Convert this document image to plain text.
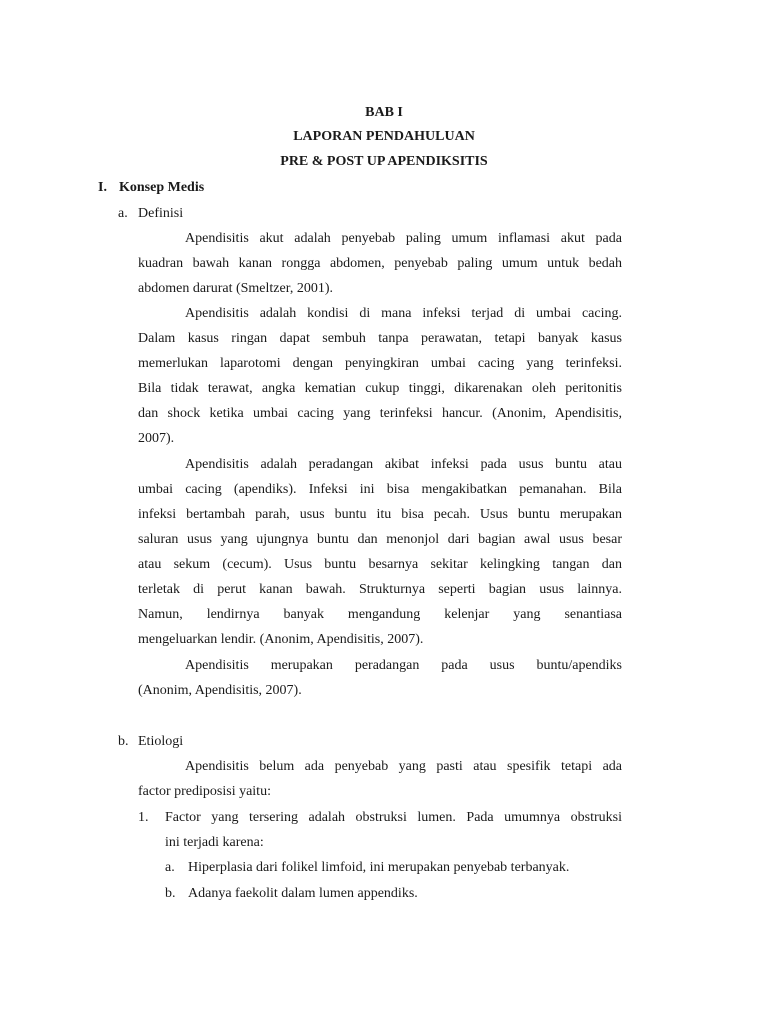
BAB I
LAPORAN PENDAHULUAN
PRE & POST UP APENDIKSITIS
I. Konsep Medis
a. Definisi
Apendisitis akut adalah penyebab paling umum inflamasi akut pada
kuadran bawah kanan rongga abdomen, penyebab paling umum untuk bedah
abdomen darurat (Smeltzer, 2001).
Apendisitis adalah kondisi di mana infeksi terjad di umbai cacing.
Dalam kasus ringan dapat sembuh tanpa perawatan, tetapi banyak kasus
memerlukan laparotomi dengan penyingkiran umbai cacing yang terinfeksi.
Bila tidak terawat, angka kematian cukup tinggi, dikarenakan oleh peritonitis
dan shock ketika umbai cacing yang terinfeksi hancur. (Anonim, Apendisitis,
2007).
Apendisitis adalah peradangan akibat infeksi pada usus buntu atau
umbai cacing (apendiks). Infeksi ini bisa mengakibatkan pemanahan. Bila
infeksi bertambah parah, usus buntu itu bisa pecah. Usus buntu merupakan
saluran usus yang ujungnya buntu dan menonjol dari bagian awal usus besar
atau sekum (cecum). Usus buntu besarnya sekitar kelingking tangan dan
terletak di perut kanan bawah. Strukturnya seperti bagian usus lainnya.
Namun, lendirnya banyak mengandung kelenjar yang senantiasa
mengeluarkan lendir. (Anonim, Apendisitis, 2007).
Apendisitis merupakan peradangan pada usus buntu/apendiks
(Anonim, Apendisitis, 2007).
b. Etiologi
Apendisitis belum ada penyebab yang pasti atau spesifik tetapi ada
factor prediposisi yaitu:
1. Factor yang tersering adalah obstruksi lumen. Pada umumnya obstruksi
ini terjadi karena:
a. Hiperplasia dari folikel limfoid, ini merupakan penyebab terbanyak.
b. Adanya faekolit dalam lumen appendiks.
